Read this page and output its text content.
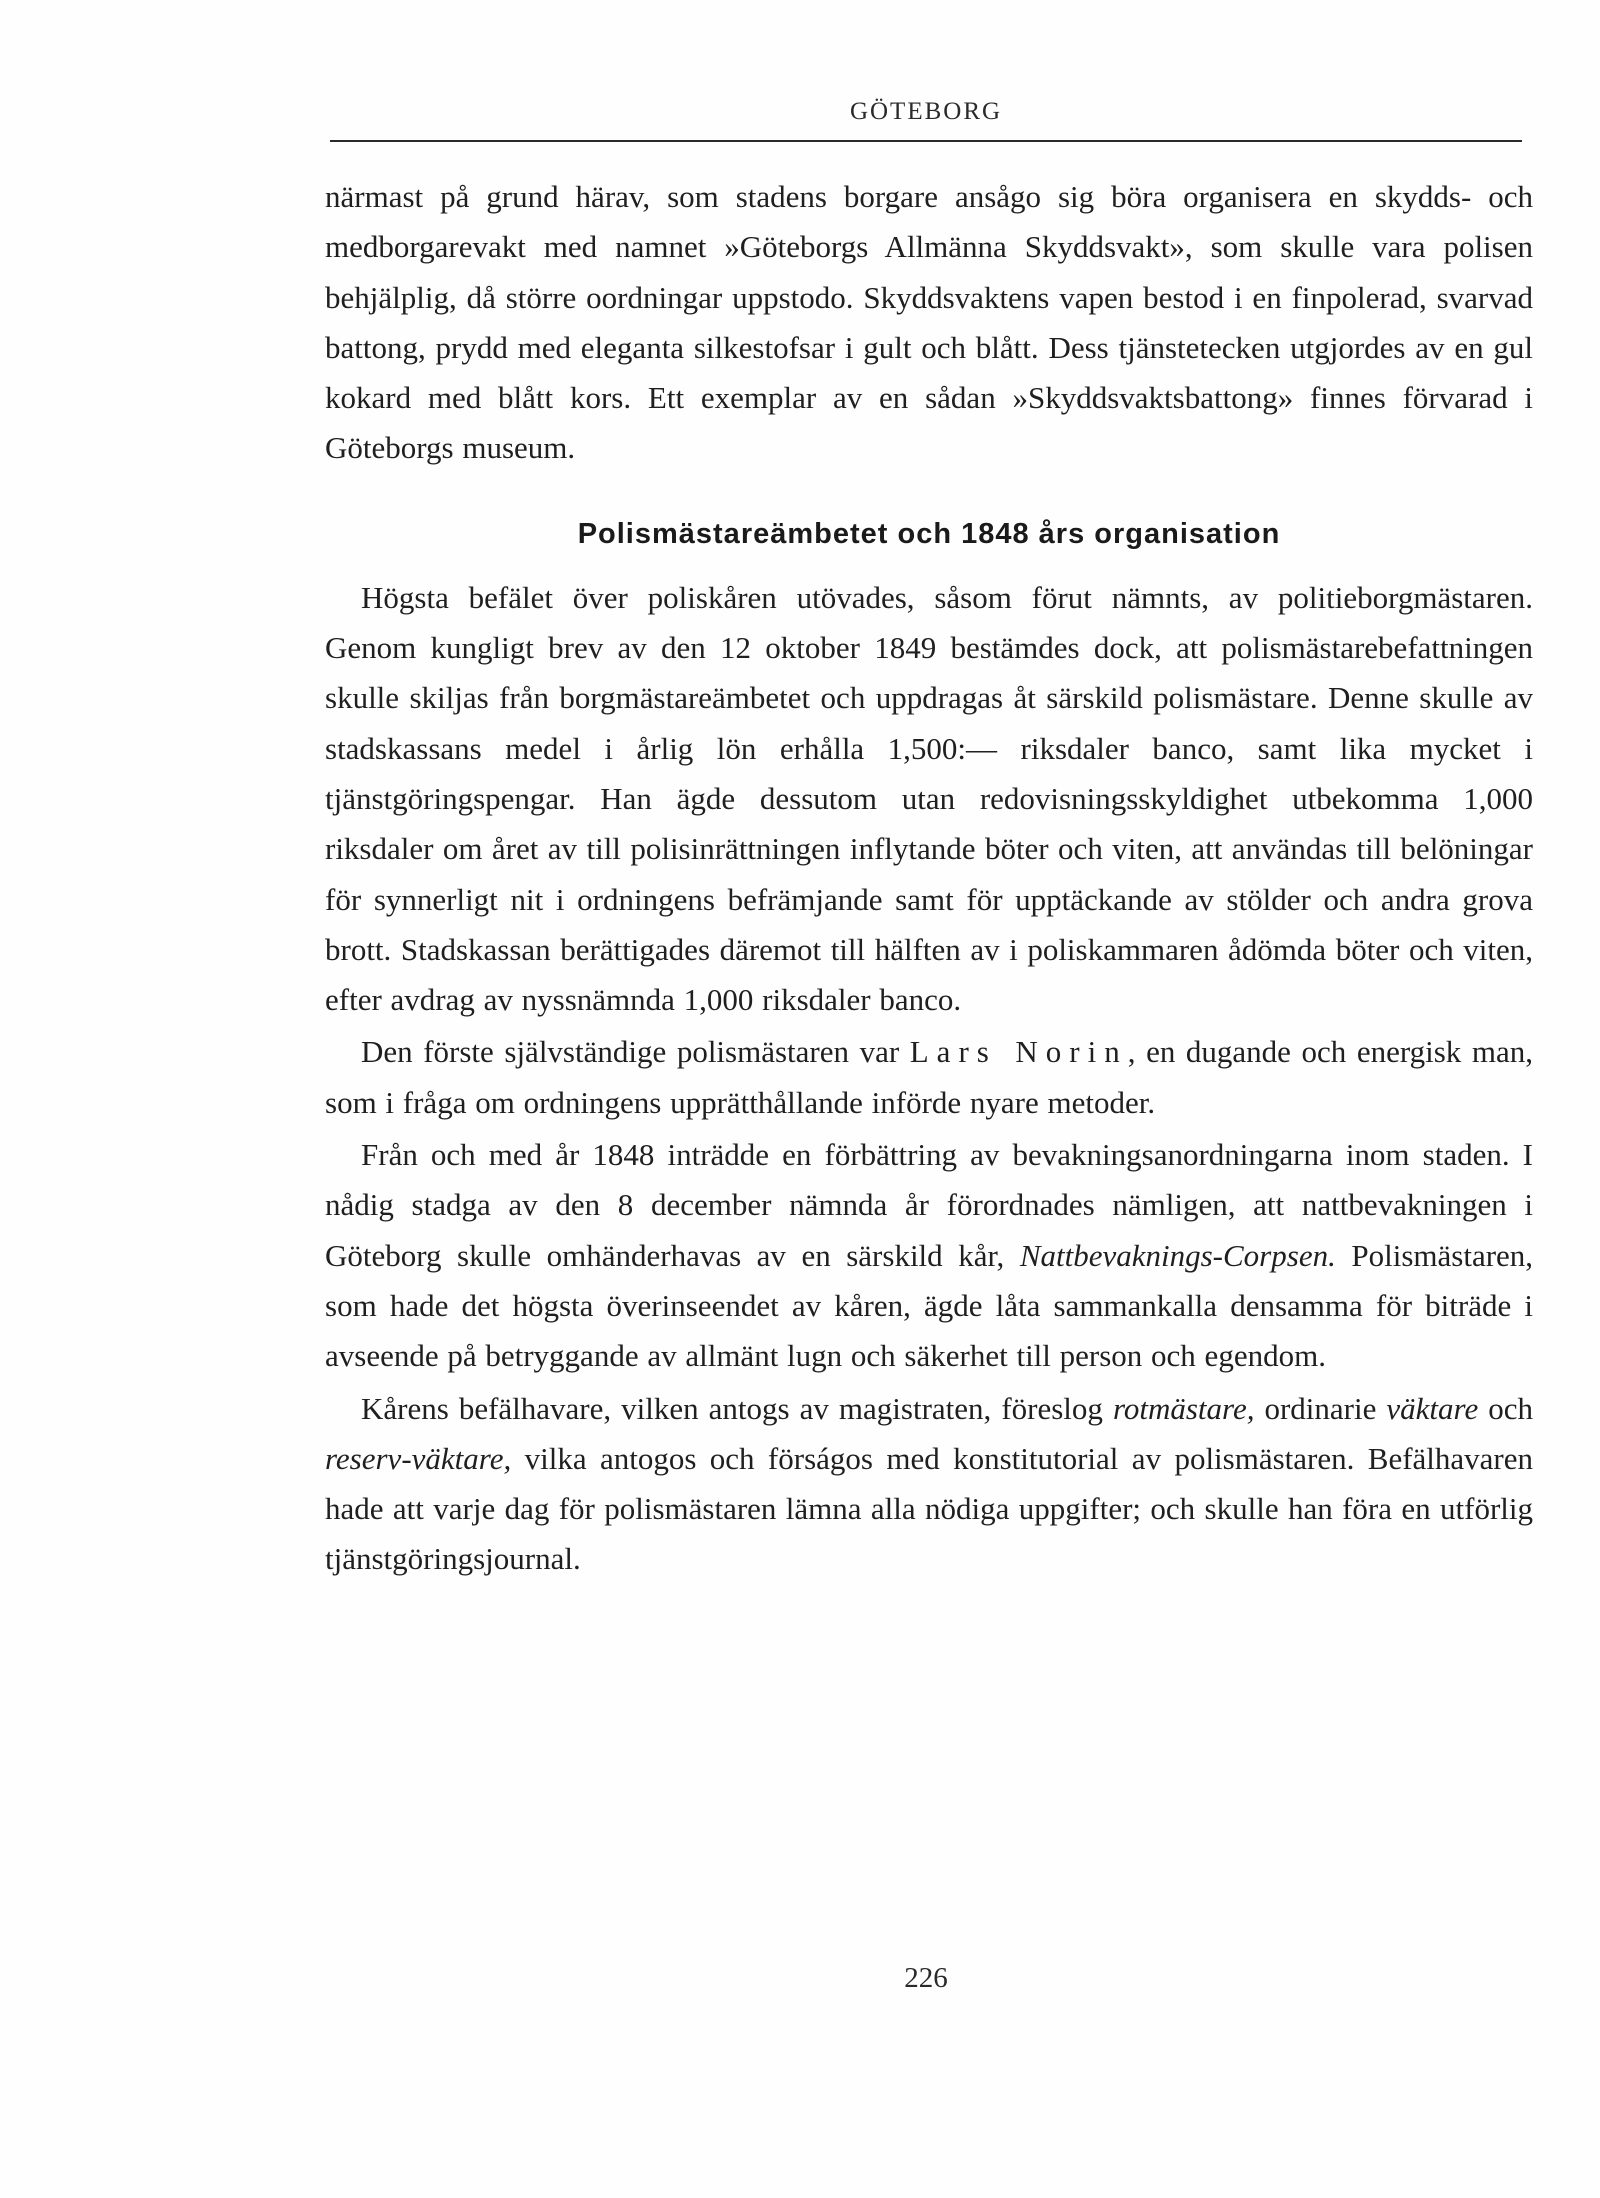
GÖTEBORG

närmast på grund härav, som stadens borgare ansågo sig böra organisera en skydds- och medborgarevakt med namnet »Göteborgs Allmänna Skyddsvakt», som skulle vara polisen behjälplig, då större oordningar uppstodo. Skyddsvaktens vapen bestod i en finpolerad, svarvad battong, prydd med eleganta silkestofsar i gult och blått. Dess tjänstetecken utgjordes av en gul kokard med blått kors. Ett exemplar av en sådan »Skyddsvaktsbattong» finnes förvarad i Göteborgs museum.

Polismästareämbetet och 1848 års organisation

Högsta befälet över poliskåren utövades, såsom förut nämnts, av politieborgmästaren. Genom kungligt brev av den 12 oktober 1849 bestämdes dock, att polismästarebefattningen skulle skiljas från borgmästareämbetet och uppdragas åt särskild polismästare. Denne skulle av stadskassans medel i årlig lön erhålla 1,500:— riksdaler banco, samt lika mycket i tjänstgöringspengar. Han ägde dessutom utan redovisningsskyldighet utbekomma 1,000 riksdaler om året av till polisinrättningen inflytande böter och viten, att användas till belöningar för synnerligt nit i ordningens befrämjande samt för upptäckande av stölder och andra grova brott. Stadskassan berättigades däremot till hälften av i poliskammaren ådömda böter och viten, efter avdrag av nyssnämnda 1,000 riksdaler banco.

Den förste självständige polismästaren var Lars Norin, en dugande och energisk man, som i fråga om ordningens upprätthållande införde nyare metoder.

Från och med år 1848 inträdde en förbättring av bevakningsanordningarna inom staden. I nådig stadga av den 8 december nämnda år förordnades nämligen, att nattbevakningen i Göteborg skulle omhänderhavas av en särskild kår, Nattbevaknings-Corpsen. Polismästaren, som hade det högsta överinseendet av kåren, ägde låta sammankalla densamma för biträde i avseende på betryggande av allmänt lugn och säkerhet till person och egendom.

Kårens befälhavare, vilken antogs av magistraten, föreslog rotmästare, ordinarie väktare och reserv-väktare, vilka antogos och förságos med konstitutorial av polismästaren. Befälhavaren hade att varje dag för polismästaren lämna alla nödiga uppgifter; och skulle han föra en utförlig tjänstgöringsjournal.

226
